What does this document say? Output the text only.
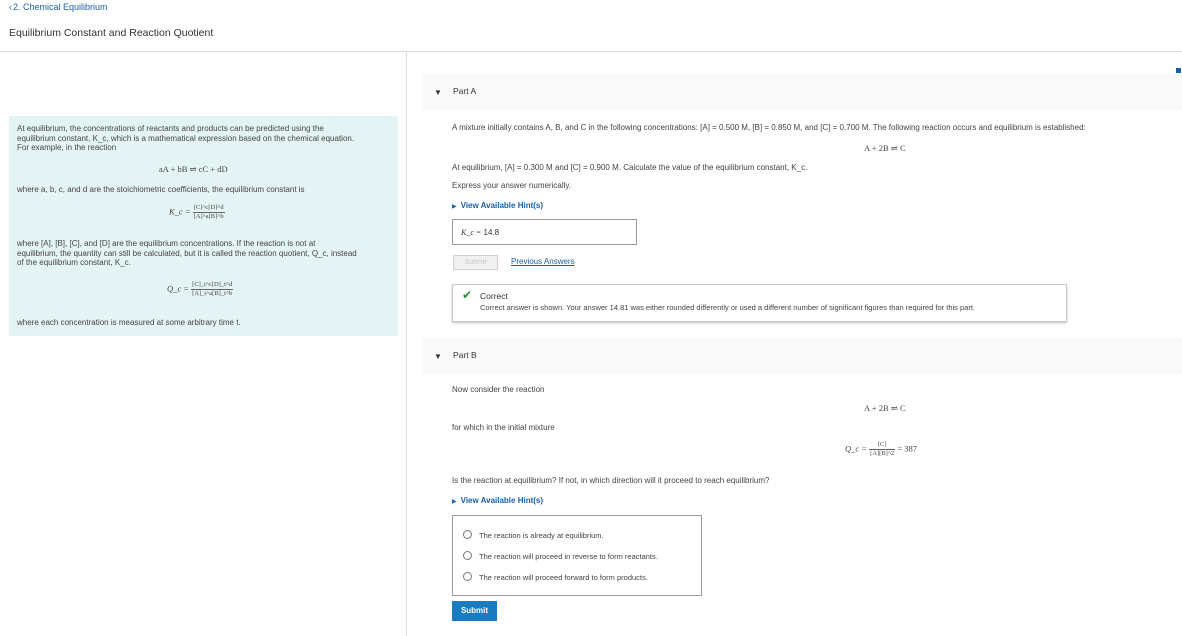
‹2. Chemical Equilibrium
Equilibrium Constant and Reaction Quotient

At equilibrium, the concentrations of reactants and products can be predicted using the

equilibrium constant, K_c, which is a mathematical expression based on the chemical equation.

For example, in the reaction

aA + bB ⇌ cC + dD

where a, b, c, and d are the stoichiometric coefficients, the equilibrium constant is

K_c = $\frac{[C]\^{}c[D]\^{}d}{[A]\^{}a[B]\^{}b}$

where [A], [B], [C], and [D] are the equilibrium concentrations. If the reaction is not at

equilibrium, the quantity can still be calculated, but it is called the reaction quotient, Q_c, instead

of the equilibrium constant, K_c.

Q_c = $\frac{[C]\_t\^{}c[D]\_t\^{}d}{[A]\_t\^{}a[B]\_t\^{}b}$

where each concentration is measured at some arbitrary time t.

▼ Part A
A mixture initially contains A, B, and C in the following concentrations: [A] = 0.500 M, [B] = 0.850 M, and [C] = 0.700 M. The following reaction occurs and equilibrium is established:
A + 2B ⇌ C
At equilibrium, [A] = 0.300 M and [C] = 0.900 M. Calculate the value of the equilibrium constant, K_c.
Express your answer numerically.
▶ View Available Hint(s)
K_c = 14.8
Submit	Previous Answers
✔ Correct
Correct answer is shown. Your answer 14.81 was either rounded differently or used a different number of significant figures than required for this part.
▼ Part B
Now consider the reaction
A + 2B ⇌ C
for which in the initial mixture
Q_c = $\frac{[C]}{[A][B]\^{}2} = 387$
Is the reaction at equilibrium? If not, in which direction will it proceed to reach equilibrium?
▶ View Available Hint(s)
The reaction is already at equilibrium.
The reaction will proceed in reverse to form reactants.
The reaction will proceed forward to form products.
Submit
